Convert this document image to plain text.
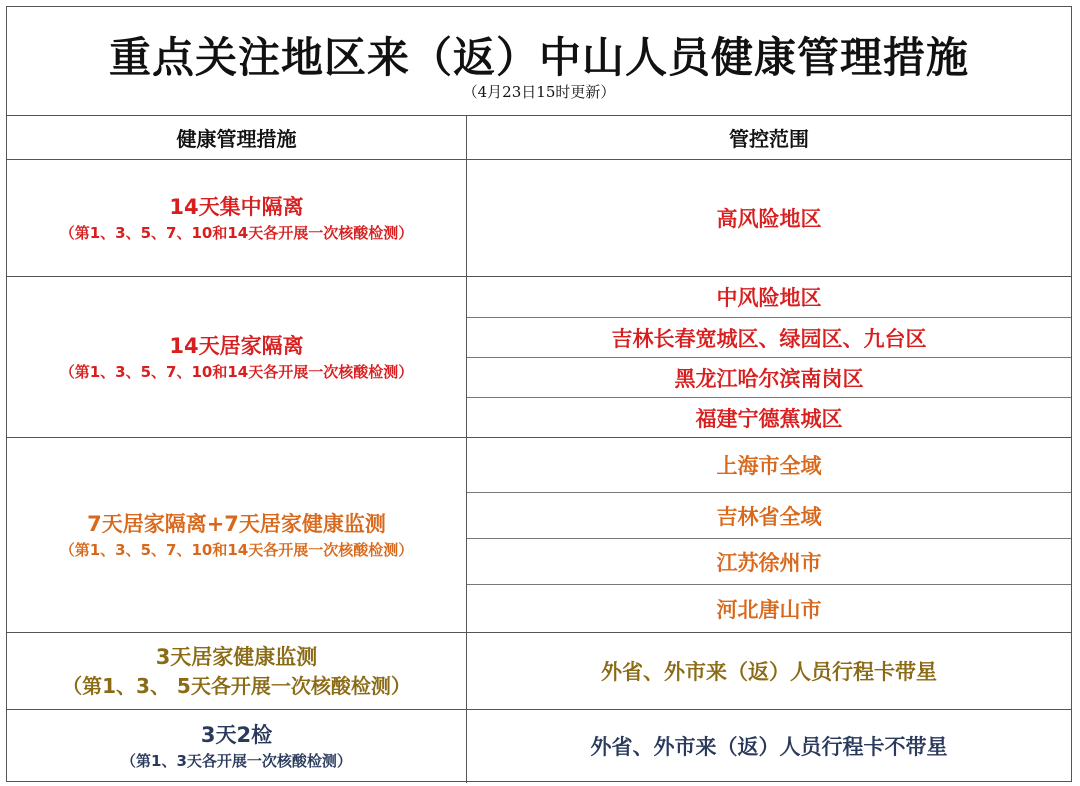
重点关注地区来（返）中山人员健康管理措施
（4月23日15时更新）
健康管理措施	管控范围
14天集中隔离
（第1、3、5、7、10和14天各开展一次核酸检测）
高风险地区
14天居家隔离
（第1、3、5、7、10和14天各开展一次核酸检测）
中风险地区
吉林长春宽城区、绿园区、九台区
黑龙江哈尔滨南岗区
福建宁德蕉城区
7天居家隔离+7天居家健康监测
（第1、3、5、7、10和14天各开展一次核酸检测）
上海市全域
吉林省全域
江苏徐州市
河北唐山市
3天居家健康监测
（第1、3、 5天各开展一次核酸检测）
外省、外市来（返）人员行程卡带星
3天2检
（第1、3天各开展一次核酸检测）
外省、外市来（返）人员行程卡不带星
